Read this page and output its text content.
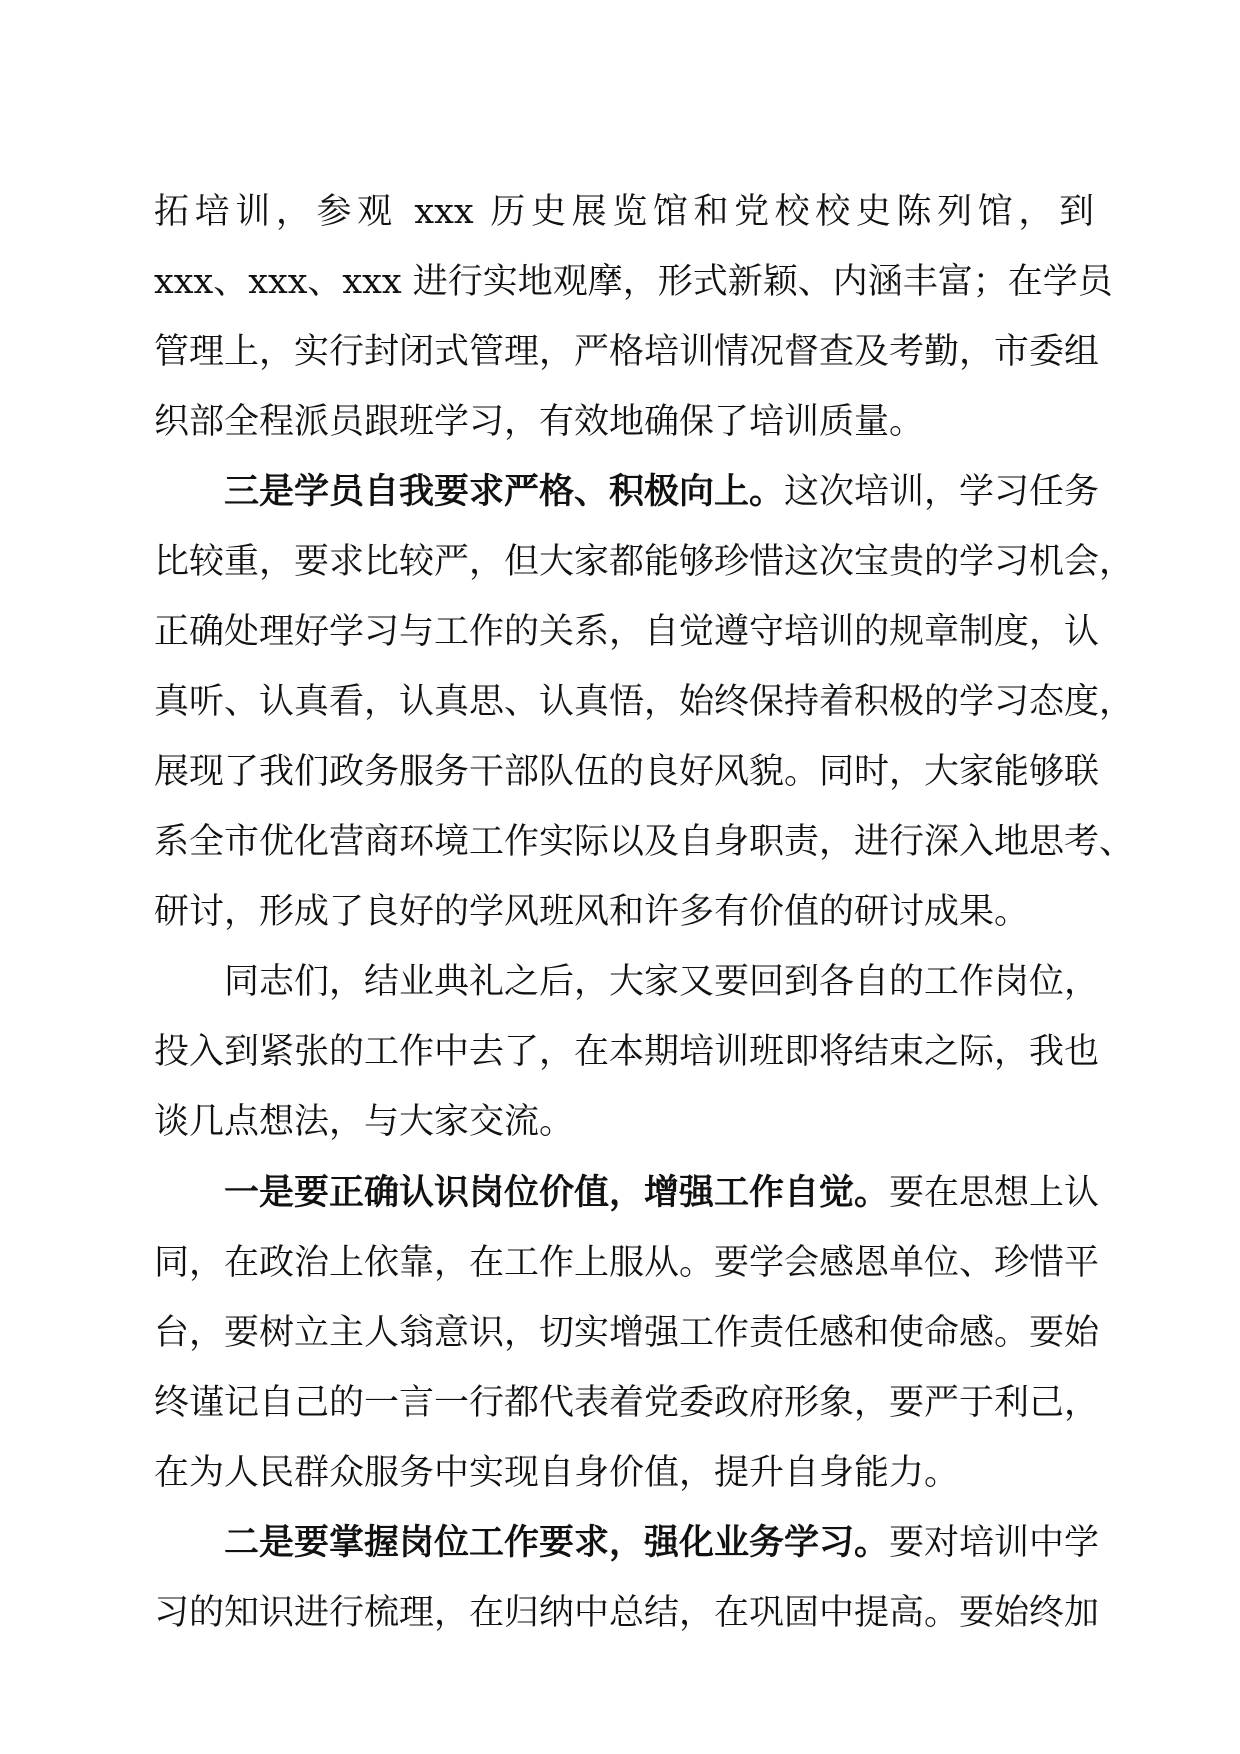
拓培训，参观 xxx 历史展览馆和党校校史陈列馆，到

xxx、xxx、xxx 进行实地观摩，形式新颖、内涵丰富；在学员

管理上，实行封闭式管理，严格培训情况督查及考勤，市委组

织部全程派员跟班学习，有效地确保了培训质量。

三是学员自我要求严格、积极向上。这次培训，学习任务

比较重，要求比较严，但大家都能够珍惜这次宝贵的学习机会，

正确处理好学习与工作的关系，自觉遵守培训的规章制度，认

真听、认真看，认真思、认真悟，始终保持着积极的学习态度，

展现了我们政务服务干部队伍的良好风貌。同时，大家能够联

系全市优化营商环境工作实际以及自身职责，进行深入地思考、

研讨，形成了良好的学风班风和许多有价值的研讨成果。

同志们，结业典礼之后，大家又要回到各自的工作岗位，

投入到紧张的工作中去了，在本期培训班即将结束之际，我也

谈几点想法，与大家交流。

一是要正确认识岗位价值，增强工作自觉。要在思想上认

同，在政治上依靠，在工作上服从。要学会感恩单位、珍惜平

台，要树立主人翁意识，切实增强工作责任感和使命感。要始

终谨记自己的一言一行都代表着党委政府形象，要严于利己，

在为人民群众服务中实现自身价值，提升自身能力。

二是要掌握岗位工作要求，强化业务学习。要对培训中学

习的知识进行梳理，在归纳中总结，在巩固中提高。要始终加
